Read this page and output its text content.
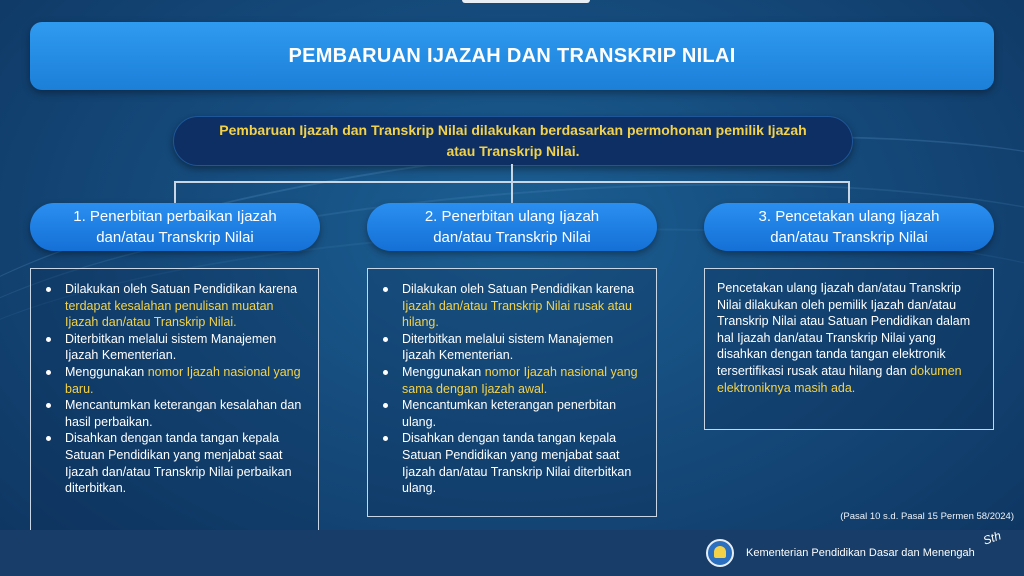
PEMBARUAN IJAZAH DAN TRANSKRIP NILAI
Pembaruan Ijazah dan Transkrip Nilai dilakukan berdasarkan permohonan pemilik Ijazah atau Transkrip Nilai.
1. Penerbitan perbaikan Ijazah
dan/atau Transkrip Nilai
Dilakukan oleh Satuan Pendidikan karena terdapat kesalahan penulisan muatan Ijazah dan/atau Transkrip Nilai.
Diterbitkan melalui sistem Manajemen Ijazah Kementerian.
Menggunakan nomor Ijazah nasional yang baru.
Mencantumkan keterangan kesalahan dan hasil perbaikan.
Disahkan dengan tanda tangan kepala Satuan Pendidikan yang menjabat saat Ijazah dan/atau Transkrip Nilai perbaikan diterbitkan.
2. Penerbitan ulang Ijazah
dan/atau Transkrip Nilai
Dilakukan oleh Satuan Pendidikan karena Ijazah dan/atau Transkrip Nilai rusak atau hilang.
Diterbitkan melalui sistem Manajemen Ijazah Kementerian.
Menggunakan nomor Ijazah nasional yang sama dengan Ijazah awal.
Mencantumkan keterangan penerbitan ulang.
Disahkan dengan tanda tangan kepala Satuan Pendidikan yang menjabat saat Ijazah dan/atau Transkrip Nilai diterbitkan ulang.
3. Pencetakan ulang Ijazah
dan/atau Transkrip Nilai

Pencetakan ulang Ijazah dan/atau Transkrip Nilai dilakukan oleh pemilik Ijazah dan/atau Transkrip Nilai atau Satuan Pendidikan dalam hal Ijazah dan/atau Transkrip Nilai yang disahkan dengan tanda tangan elektronik tersertifikasi rusak atau hilang dan dokumen elektroniknya masih ada.

(Pasal 10 s.d. Pasal 15 Permen 58/2024)
Kementerian Pendidikan Dasar dan Menengah
Sth
